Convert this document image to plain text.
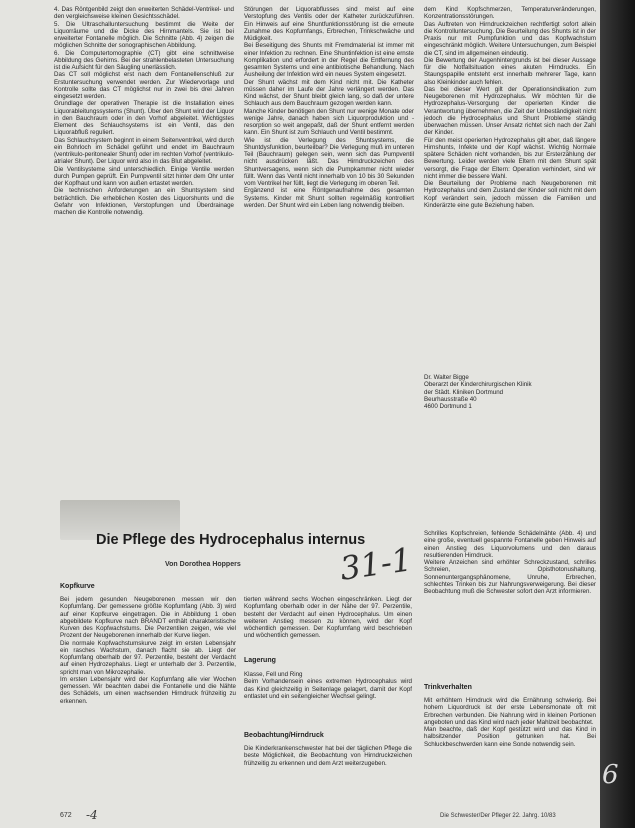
4. Das Röntgenbild zeigt den erweiterten Schädel-Ventrikel- und den vergleichsweise kleinen Gesichtsschädel.
5. Die Ultraschalluntersuchung bestimmt die Weite der Liquorräume und die Dicke des Hirnmantels. Sie ist bei erweiterter Fontanelle möglich. Die Schnitte (Abb. 4) zeigen die möglichen Schnitte der sonographischen Abbildung.
6. Die Computertomographie (CT) gibt eine schnittweise Abbildung des Gehirns. Bei der strahlenbelasteten Untersuchung ist die Aufsicht für den Säugling unerlässlich.
Das CT soll möglichst erst nach dem Fontanellenschluß zur Erstuntersuchung verwendet werden. Zur Wiedervorlage und Kontrolle sollte das CT möglichst nur in zwei bis drei Jahren eingesetzt werden.
Grundlage der operativen Therapie ist die Installation eines Liquorableitungssystems (Shunt). Über den Shunt wird der Liquor in den Bauchraum oder in den Vorhof abgeleitet. Wichtigstes Element des Schlauchsystems ist ein Ventil, das den Liquorabfluß reguliert.
Das Schlauchsystem beginnt in einem Seitenventrikel, wird durch ein Bohrloch im Schädel geführt und endet im Bauchraum (ventrikulo-peritonealer Shunt) oder im rechten Vorhof (ventrikulo-atrialer Shunt). Der Liquor wird also in das Blut abgeleitet.
Die Ventilsysteme sind unterschiedlich. Einige Ventile werden durch Pumpen geprüft. Ein Pumpventil sitzt hinter dem Ohr unter der Kopfhaut und kann von außen ertastet werden.
Die technischen Anforderungen an ein Shuntsystem sind beträchtlich. Die erheblichen Kosten des Liquorshunts und die Gefahr von Infektionen, Verstopfungen und Überdrainage machen die Kontrolle notwendig.
Störungen der Liquorabflusses sind meist auf eine Verstopfung des Ventils oder der Katheter zurückzuführen. Ein Hinweis auf eine Shuntfunktionsstörung ist die erneute Zunahme des Kopfumfangs, Erbrechen, Trinkschwäche und Müdigkeit.
Bei Beseitigung des Shunts mit Fremdmaterial ist immer mit einer Infektion zu rechnen. Eine Shuntinfektion ist eine ernste Komplikation und erfordert in der Regel die Entfernung des gesamten Systems und eine antibiotische Behandlung. Nach Ausheilung der Infektion wird ein neues System eingesetzt.
Der Shunt wächst mit dem Kind nicht mit. Die Katheter müssen daher im Laufe der Jahre verlängert werden. Das Kind wächst, der Shunt bleibt gleich lang, so daß der untere Schlauch aus dem Bauchraum gezogen werden kann.
Manche Kinder benötigen den Shunt nur wenige Monate oder wenige Jahre, danach haben sich Liquorproduktion und -resorption so weit angepaßt, daß der Shunt entfernt werden kann. Ein Shunt ist zum Schlauch und Ventil bestimmt.
Wie ist die Verlegung des Shuntsystems, die Shuntdysfunktion, beurteilbar? Die Verlegung muß im unteren Teil (Bauchraum) gelegen sein, wenn sich das Pumpventil nicht ausdrücken läßt. Das Hirndruckzeichen des Shuntversagens, wenn sich die Pumpkammer nicht wieder füllt. Wenn das Ventil nicht innerhalb von 10 bis 30 Sekunden vom Ventrikel her füllt, liegt die Verlegung im oberen Teil.
Ergänzend ist eine Röntgenaufnahme des gesamten Systems. Kinder mit Shunt sollten regelmäßig kontrolliert werden. Der Shunt wird ein Leben lang notwendig bleiben.
dem Kind Kopfschmerzen, Temperaturveränderungen, Konzentrationsstörungen.
Das Auftreten von Hirndruckzeichen rechtfertigt sofort allein die Kontrolluntersuchung. Die Beurteilung des Shunts ist in der Praxis nur mit Pumpfunktion und das Kopfwachstum eingeschränkt möglich. Weitere Untersuchungen, zum Beispiel die CT, sind im allgemeinen eindeutig.
Die Bewertung der Augenhintergrunds ist bei dieser Aussage für die Notfallsituation eines akuten Hirndrucks. Ein Staungspapille entsteht erst innerhalb mehrerer Tage, kann also Kleinkinder auch fehlen.
Das bei dieser Wert gilt der Operationsindikation zum Neugeborenen mit Hydrozephalus. Wir möchten für die Hydrozephalus-Versorgung der operierten Kinder die Verantwortung übernehmen, die Zeit der Unbeständigkeit nicht jedoch die Hydrocephalus und Shunt Probleme ständig überwachen müssen. Unser Ansatz richtet sich nach der Zahl der Kinder.
Für den meist operierten Hydrozephalus gilt aber, daß längere Hirnshunts, Infekte und der Kopf wächst. Wichtig Normale spätere Schäden nicht vorhanden, bis zur Ersterzählung der Bewertung. Leider werden viele Eltern mit dem Shunt spät versorgt, die Frage der Eltern: Operation verhindert, sind wir nicht immer die bessere Wahl.
Die Beurteilung der Probleme nach Neugeborenen mit Hydrozephalus und dem Zustand der Kinder soll nicht mit dem Kopf verändert sein, jedoch müssen die Familien und Kinderärzte eine gute Beziehung haben.
Dr. Walter Bigge
Oberarzt der Kinderchirurgischen Klinik
der Städt. Kliniken Dortmund
Beurhausstraße 40
4600 Dortmund 1
Die Pflege des Hydrocephalus internus
Von Dorothea Hoppers	31-1
Kopfkurve
Bei jedem gesunden Neugeborenen messen wir den Kopfumfang. Der gemessene größte Kopfumfang (Abb. 3) wird auf einer Kopfkurve eingetragen. Die in Abbildung 1 oben abgebildete Kopfkurve nach BRANDT enthält charakteristische Kurven des Kopfwachstums. Die Perzentilen zeigen, wie viel Prozent der Neugeborenen innerhalb der Kurve liegen.
Die normale Kopfwachstumskurve zeigt im ersten Lebensjahr ein rasches Wachstum, danach flacht sie ab. Liegt der Kopfumfang oberhalb der 97. Perzentile, besteht der Verdacht auf einen Hydrozephalus. Liegt er unterhalb der 3. Perzentile, spricht man von Mikrozephalie.
Im ersten Lebensjahr wird der Kopfumfang alle vier Wochen gemessen. Wir beachten dabei die Fontanelle und die Nähte des Schädels, um einen wachsenden Hirndruck frühzeitig zu erkennen.
tierten während sechs Wochen eingeschränken. Liegt der Kopfumfang oberhalb oder in der Nähe der 97. Perzentile, besteht der Verdacht auf einen Hydrocephalus. Um einen weiteren Anstieg messen zu können, wird der Kopf wöchentlich gemessen. Der Kopfumfang wird beschrieben und wöchentlich gemessen.
Lagerung
Klasse, Fell und Ring
Beim Vorhandensein eines extremen Hydrocephalus wird das Kind gleichzeitig in Seitenlage gelagert, damit der Kopf entlastet und ein seitengleicher Wechsel gelingt.
Beobachtung/Hirndruck
Die Kinderkrankenschwester hat bei der täglichen Pflege die beste Möglichkeit, die Beobachtung von Hirndruckzeichen frühzeitig zu erkennen und dem Arzt weiterzugeben.
Schrilles Kopfschreien, fehlende Schädelnähte (Abb. 4) und eine große, eventuell gespannte Fontanelle geben Hinweis auf einen Anstieg des Liquorvolumens und den daraus resultierenden Hirndruck.
Weitere Anzeichen sind erhöhter Schreckzustand, schrilles Schreien, Opisthotonushaltung, Sonnenuntergangsphänomene, Unruhe, Erbrechen, schlechtes Trinken bis zur Nahrungsverweigerung. Bei dieser Beobachtung muß die Schwester sofort den Arzt informieren.
Trinkverhalten
Mit erhöhtem Hirndruck wird die Ernährung schwierig. Bei hohem Liquordruck ist der erste Lebensmonate oft mit Erbrechen verbunden. Die Nahrung wird in kleinen Portionen angeboten und das Kind wird nach jeder Mahlzeit beobachtet.
Man beachte, daß der Kopf gestützt wird und das Kind in halbsitzender Position getrunken hat. Bei Schluckbeschwerden kann eine Sonde notwendig sein.
672 -4	Die Schwester/Der Pfleger 22. Jahrg. 10/83
6
